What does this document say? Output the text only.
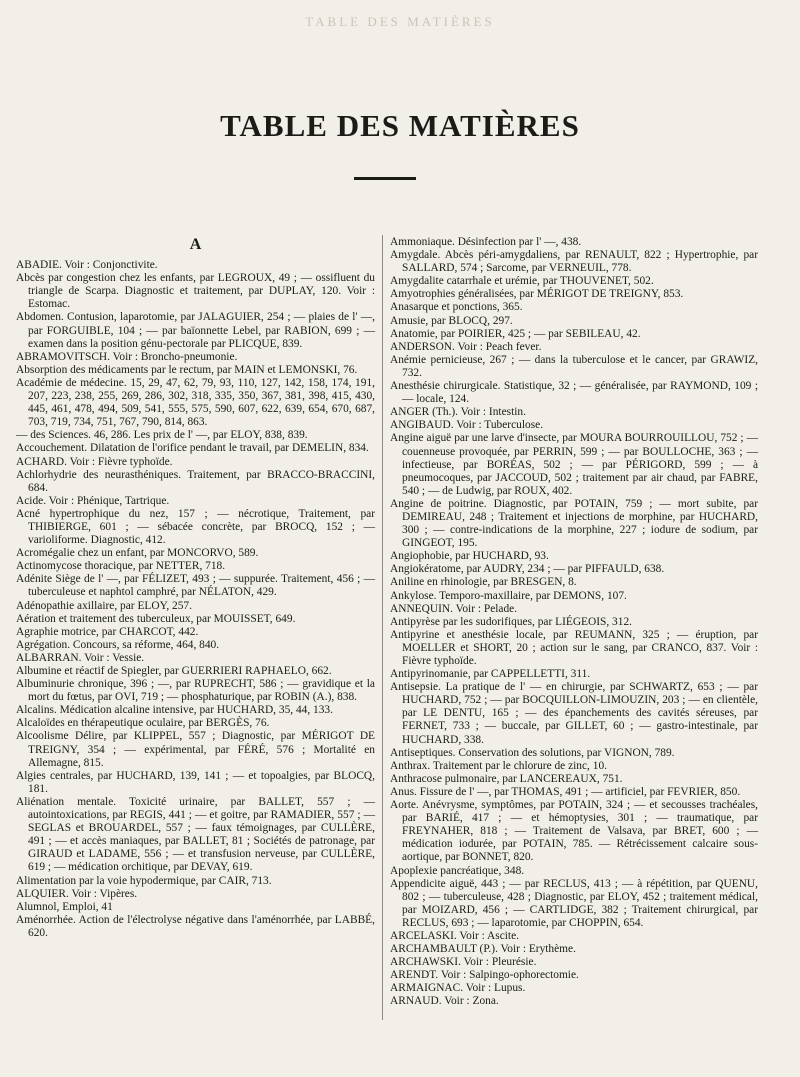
TABLE DES MATIÈRES
TABLE DES MATIÈRES
A

ABADIE. Voir : Conjonctivite.

Abcès par congestion chez les enfants, par LEGROUX, 49 ; — ossifluent du triangle de Scarpa. Diagnostic et traitement, par DUPLAY, 120. Voir : Estomac.

Abdomen. Contusion, laparotomie, par JALAGUIER, 254 ; — plaies de l' —, par FORGUIBLE, 104 ; — par baïonnette Lebel, par RABION, 699 ; — examen dans la position génu-pectorale par PLICQUE, 839.

ABRAMOVITSCH. Voir : Broncho-pneumonie.

Absorption des médicaments par le rectum, par MAIN et LEMONSKI, 76.

Académie de médecine. 15, 29, 47, 62, 79, 93, 110, 127, 142, 158, 174, 191, 207, 223, 238, 255, 269, 286, 302, 318, 335, 350, 367, 381, 398, 415, 430, 445, 461, 478, 494, 509, 541, 555, 575, 590, 607, 622, 639, 654, 670, 687, 703, 719, 734, 751, 767, 790, 814, 863.

— des Sciences. 46, 286. Les prix de l' —, par ELOY, 838, 839.

Accouchement. Dilatation de l'orifice pendant le travail, par DEMELIN, 834.

ACHARD. Voir : Fièvre typhoïde.

Achlorhydrie des neurasthéniques. Traitement, par BRACCO-BRACCINI, 684.

Acide. Voir : Phénique, Tartrique.

Acné hypertrophique du nez, 157 ; — nécrotique, Traitement, par THIBIERGE, 601 ; — sébacée concrète, par BROCQ, 152 ; — varioliforme. Diagnostic, 412.

Acromégalie chez un enfant, par MONCORVO, 589.

Actinomycose thoracique, par NETTER, 718.

Adénite Siège de l' —, par FÉLIZET, 493 ; — suppurée. Traitement, 456 ; — tuberculeuse et naphtol camphré, par NÉLATON, 429.

Adénopathie axillaire, par ELOY, 257.

Aération et traitement des tuberculeux, par MOUISSET, 649.

Agraphie motrice, par CHARCOT, 442.

Agrégation. Concours, sa réforme, 464, 840.

ALBARRAN. Voir : Vessie.

Albumine et réactif de Spiegler, par GUERRIERI RAPHAELO, 662.

Albuminurie chronique, 396 ; —, par RUPRECHT, 586 ; — gravidique et la mort du fœtus, par OVI, 719 ; — phosphaturique, par ROBIN (A.), 838.

Alcalins. Médication alcaline intensive, par HUCHARD, 35, 44, 133.

Alcaloïdes en thérapeutique oculaire, par BERGÈS, 76.

Alcoolisme Délire, par KLIPPEL, 557 ; Diagnostic, par MÉRIGOT DE TREIGNY, 354 ; — expérimental, par FÉRÉ, 576 ; Mortalité en Allemagne, 815.

Algies centrales, par HUCHARD, 139, 141 ; — et topoalgies, par BLOCQ, 181.

Aliénation mentale. Toxicité urinaire, par BALLET, 557 ; — autointoxications, par REGIS, 441 ; — et goitre, par RAMADIER, 557 ; — SEGLAS et BROUARDEL, 557 ; — faux témoignages, par CULLÈRE, 491 ; — et accès maniaques, par BALLET, 81 ; Sociétés de patronage, par GIRAUD et LADAME, 556 ; — et transfusion nerveuse, par CULLÈRE, 619 ; — médication orchitique, par DEVAY, 619.

Alimentation par la voie hypodermique, par CAIR, 713.

ALQUIER. Voir : Vipères.

Alumnol, Emploi, 41

Aménorrhée. Action de l'électrolyse négative dans l'aménorrhée, par LABBÉ, 620.

Ammoniaque. Désinfection par l' —, 438.

Amygdale. Abcès péri-amygdaliens, par RENAULT, 822 ; Hypertrophie, par SALLARD, 574 ; Sarcome, par VERNEUIL, 778.

Amygdalite catarrhale et urémie, par THOUVENET, 502.

Amyotrophies généralisées, par MÉRIGOT DE TREIGNY, 853.

Anasarque et ponctions, 365.

Amusie, par BLOCQ, 297.

Anatomie, par POIRIER, 425 ; — par SEBILEAU, 42.

ANDERSON. Voir : Peach fever.

Anémie pernicieuse, 267 ; — dans la tuberculose et le cancer, par GRAWIZ, 732.

Anesthésie chirurgicale. Statistique, 32 ; — généralisée, par RAYMOND, 109 ; — locale, 124.

ANGER (Th.). Voir : Intestin.

ANGIBAUD. Voir : Tuberculose.

Angine aiguë par une larve d'insecte, par MOURA BOURROUILLOU, 752 ; — couenneuse provoquée, par PERRIN, 599 ; — par BOULLOCHE, 363 ; — infectieuse, par BORÉAS, 502 ; — par PÉRIGORD, 599 ; — à pneumocoques, par JACCOUD, 502 ; traitement par air chaud, par FABRE, 540 ; — de Ludwig, par ROUX, 402.

Angine de poitrine. Diagnostic, par POTAIN, 759 ; — mort subite, par DEMIREAU, 248 ; Traitement et injections de morphine, par HUCHARD, 300 ; — contre-indications de la morphine, 227 ; iodure de sodium, par GINGEOT, 195.

Angiophobie, par HUCHARD, 93.

Angiokératome, par AUDRY, 234 ; — par PIFFAULD, 638.

Aniline en rhinologie, par BRESGEN, 8.

Ankylose. Temporo-maxillaire, par DEMONS, 107.

ANNEQUIN. Voir : Pelade.

Antipyrèse par les sudorifiques, par LIÉGEOIS, 312.

Antipyrine et anesthésie locale, par REUMANN, 325 ; — éruption, par MOELLER et SHORT, 20 ; action sur le sang, par CRANCO, 837. Voir : Fièvre typhoïde.

Antipyrinomanie, par CAPPELLETTI, 311.

Antisepsie. La pratique de l' — en chirurgie, par SCHWARTZ, 653 ; — par HUCHARD, 752 ; — par BOCQUILLON-LIMOUZIN, 203 ; — en clientèle, par LE DENTU, 165 ; — des épanchements des cavités séreuses, par FERNET, 733 ; — buccale, par GILLET, 60 ; — gastro-intestinale, par HUCHARD, 338.

Antiseptiques. Conservation des solutions, par VIGNON, 789.

Anthrax. Traitement par le chlorure de zinc, 10.

Anthracose pulmonaire, par LANCEREAUX, 751.

Anus. Fissure de l' —, par THOMAS, 491 ; — artificiel, par FEVRIER, 850.

Aorte. Anévrysme, symptômes, par POTAIN, 324 ; — et secousses trachéales, par BARIÉ, 417 ; — et hémoptysies, 301 ; — traumatique, par FREYNAHER, 818 ; — Traitement de Valsava, par BRET, 600 ; — médication iodurée, par POTAIN, 785. — Rétrécissement calcaire sous-aortique, par BONNET, 820.

Apoplexie pancréatique, 348.

Appendicite aiguë, 443 ; — par RECLUS, 413 ; — à répétition, par QUENU, 802 ; — tuberculeuse, 428 ; Diagnostic, par ELOY, 452 ; traitement médical, par MOIZARD, 456 ; — CARTLIDGE, 382 ; Traitement chirurgical, par RECLUS, 693 ; — laparotomie, par CHOPPIN, 654.

ARCELASKI. Voir : Ascite.

ARCHAMBAULT (P.). Voir : Erythème.

ARCHAWSKI. Voir : Pleurésie.

ARENDT. Voir : Salpingo-ophorectomie.

ARMAIGNAC. Voir : Lupus.

ARNAUD. Voir : Zona.
